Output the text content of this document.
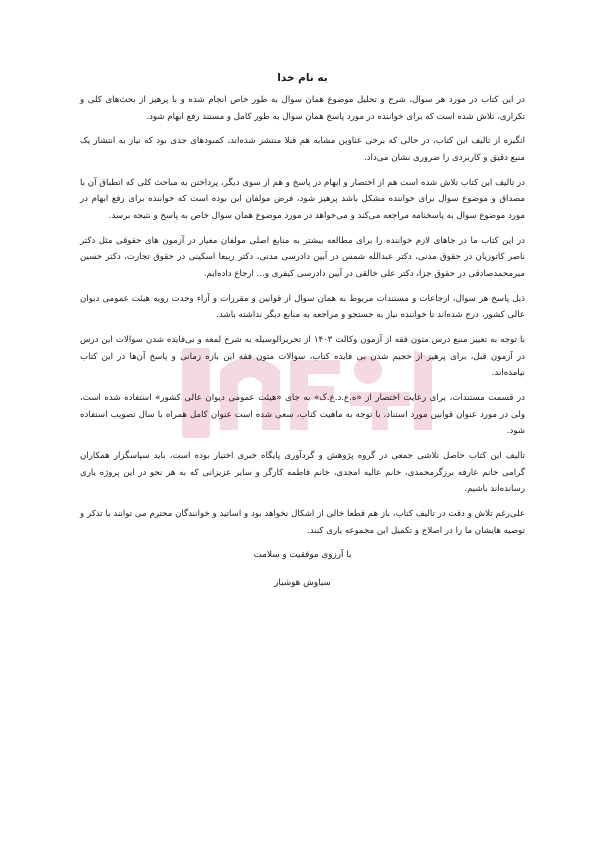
به نام خدا

در این کتاب در مورد هر سوال، شرح و تحلیل موضوع همان سوال به طور خاص انجام شده و با پرهیز از بحث‌های کلی و تکراری، تلاش شده است که برای خواننده در مورد پاسخ همان سوال به طور کامل و مستند رفع ابهام شود.

انگیزه از تالیف این کتاب، در حالی که برخی عناوین مشابه هم قبلا منتشر شده‌اند، کمبودهای جدی بود که نیاز به انتشار یک منبع دقیق و کاربردی را ضروری نشان می‌داد.

در تالیف این کتاب تلاش شده است هم از اختصار و ابهام در پاسخ و هم از سوی دیگر، پرداختن به مباحث کلی که انطباق آن با مصداق و موضوع سوال برای خواننده مشکل باشد پرهیز شود، فرض مولفان این بوده است که خواننده برای رفع ابهام در مورد موضوع سوال به پاسخنامه مراجعه می‌کند و می‌خواهد در مورد موضوع همان سوال خاص به پاسخ و نتیجه برسد.

در این کتاب ما در جاهای لازم خواننده را برای مطالعه بیشتر به منابع اصلی مولفان معیار در آزمون های حقوقی مثل دکتر ناصر کاتوزیان در حقوق مدنی، دکتر عبدالله شمس در آیین دادرسی مدنی، دکتر ربیعا اسکینی در حقوق تجارت، دکتر حسین میرمحمدصادقی در حقوق جزا، دکتر علی خالقی در آیین دادرسی کیفری و... ارجاع داده‌ایم.

ذیل پاسخ هر سوال، ارجاعات و مستندات مربوط به همان سوال از قوانین و مقررات و آراء وحدت رویه هیئت عمومی دیوان عالی کشور، درج شده‌اند تا خواننده نیاز به جستجو و مراجعه به منابع دیگر نداشته باشد.

با توجه به تغییر منبع درس متون فقه از آزمون وکالت ۱۴۰۳ از تحریرالوسیله به شرح لمعه و بی‌فایده شدن سوالات این درس در آزمون قبل، برای پرهیز از حجیم شدن بی فایده کتاب، سوالات متون فقه این بازه زمانی و پاسخ آن‌ها در این کتاب نیامده‌اند.

در قسمت مستندات، برای رعایت اختصار از «ه.ع.د.ع.ک» به جای «هیئت عمومی دیوان عالی کشور» استفاده شده است، ولی در مورد عنوان قوانین مورد استناد، با توجه به ماهیت کتاب، سعی شده است عنوان کامل همراه با سال تصویب استفاده شود.

تالیف این کتاب حاصل تلاشی جمعی در گروه پژوهش و گردآوری پایگاه خبری اختیار بوده است، باید سپاسگزار همکاران گرامی خانم عارفه برزگرمحمدی، خانم عالیه امجدی، خانم فاطمه کارگر و سایر عزیزانی که به هر نحو در این پروژه یاری رسانده‌اند باشیم.

علی‌رغم تلاش و دقت در تالیف کتاب، باز هم قطعا خالی از اشکال نخواهد بود و اساتید و خوانندگان محترم می توانند با تذکر و توصیه هایشان ما را در اصلاح و تکمیل این مجموعه یاری کنند.

با آرزوی موفقیت و سلامت
سیاوش هوشیار
